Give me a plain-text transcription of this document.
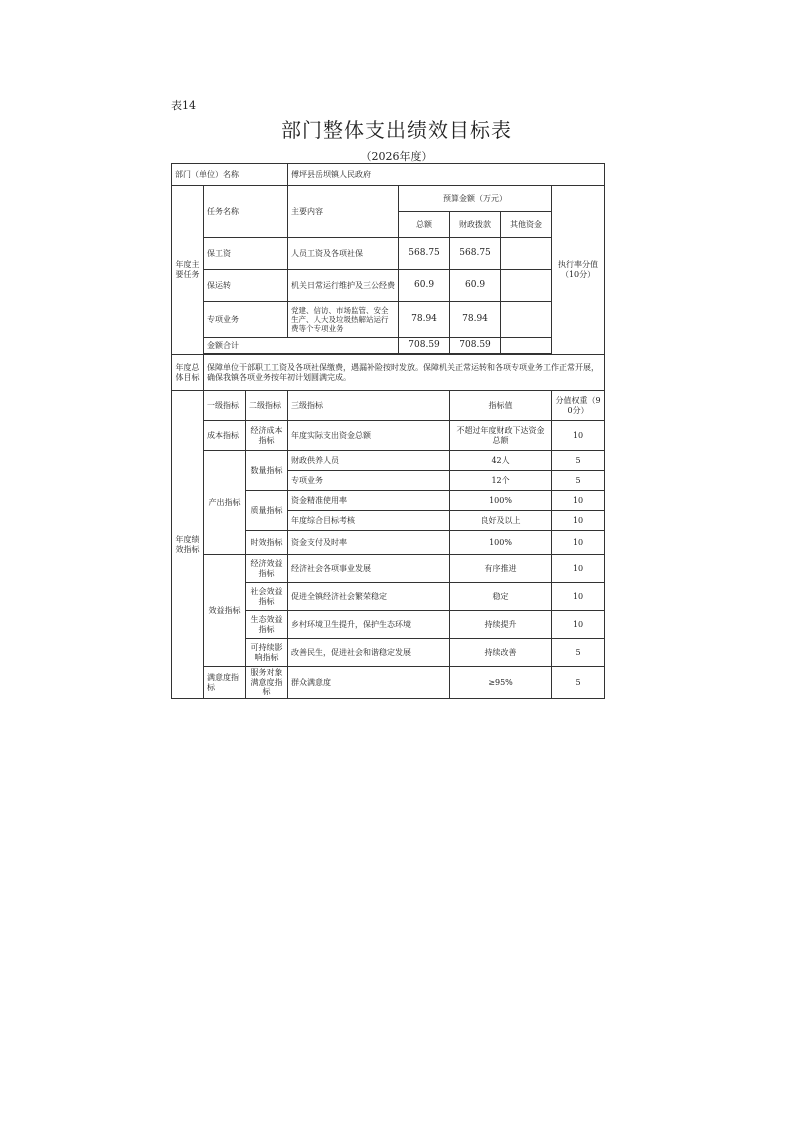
表14
部门整体支出绩效目标表
（2026年度）
部门（单位）名称			傅坪县岳坝镇人民政府				
年度主要任务	任务名称		主要内容	预算金额（万元）			执行率分值（10分）
				总额	财政拨款	其他资金	
	保工资		人员工资及各项社保	568.75	568.75		
	保运转		机关日常运行维护及三公经费	60.9	60.9		
	专项业务		党建、信访、市场监管、安全生产、人大及垃圾热解站运行费等个专项业务	78.94	78.94		
	金额合计			708.59	708.59		

年度总体目标	保障单位干部职工工资及各项社保缴费，遇漏补险按时发放。保障机关正常运转和各项专项业务工作正常开展，确保我镇各项业务按年初计划圆满完成。						
年度绩效指标	一级指标	二级指标	三级指标		指标值		分值权重（90分）
	成本指标	经济成本指标	年度实际支出资金总额		不超过年度财政下达资金总额		10
	产出指标	数量指标	财政供养人员		42人		5
			专项业务		12个		5
		质量指标	资金精准使用率		100%		10
			年度综合目标考核		良好及以上		10
		时效指标	资金支付及时率		100%		10
	效益指标	经济效益指标	经济社会各项事业发展		有序推进		10
		社会效益指标	促进全镇经济社会繁荣稳定		稳定		10
		生态效益指标	乡村环境卫生提升，保护生态环境		持续提升		10
		可持续影响指标	改善民生，促进社会和谐稳定发展		持续改善		5
	满意度指标	服务对象满意度指标	群众满意度		≥95%		5
